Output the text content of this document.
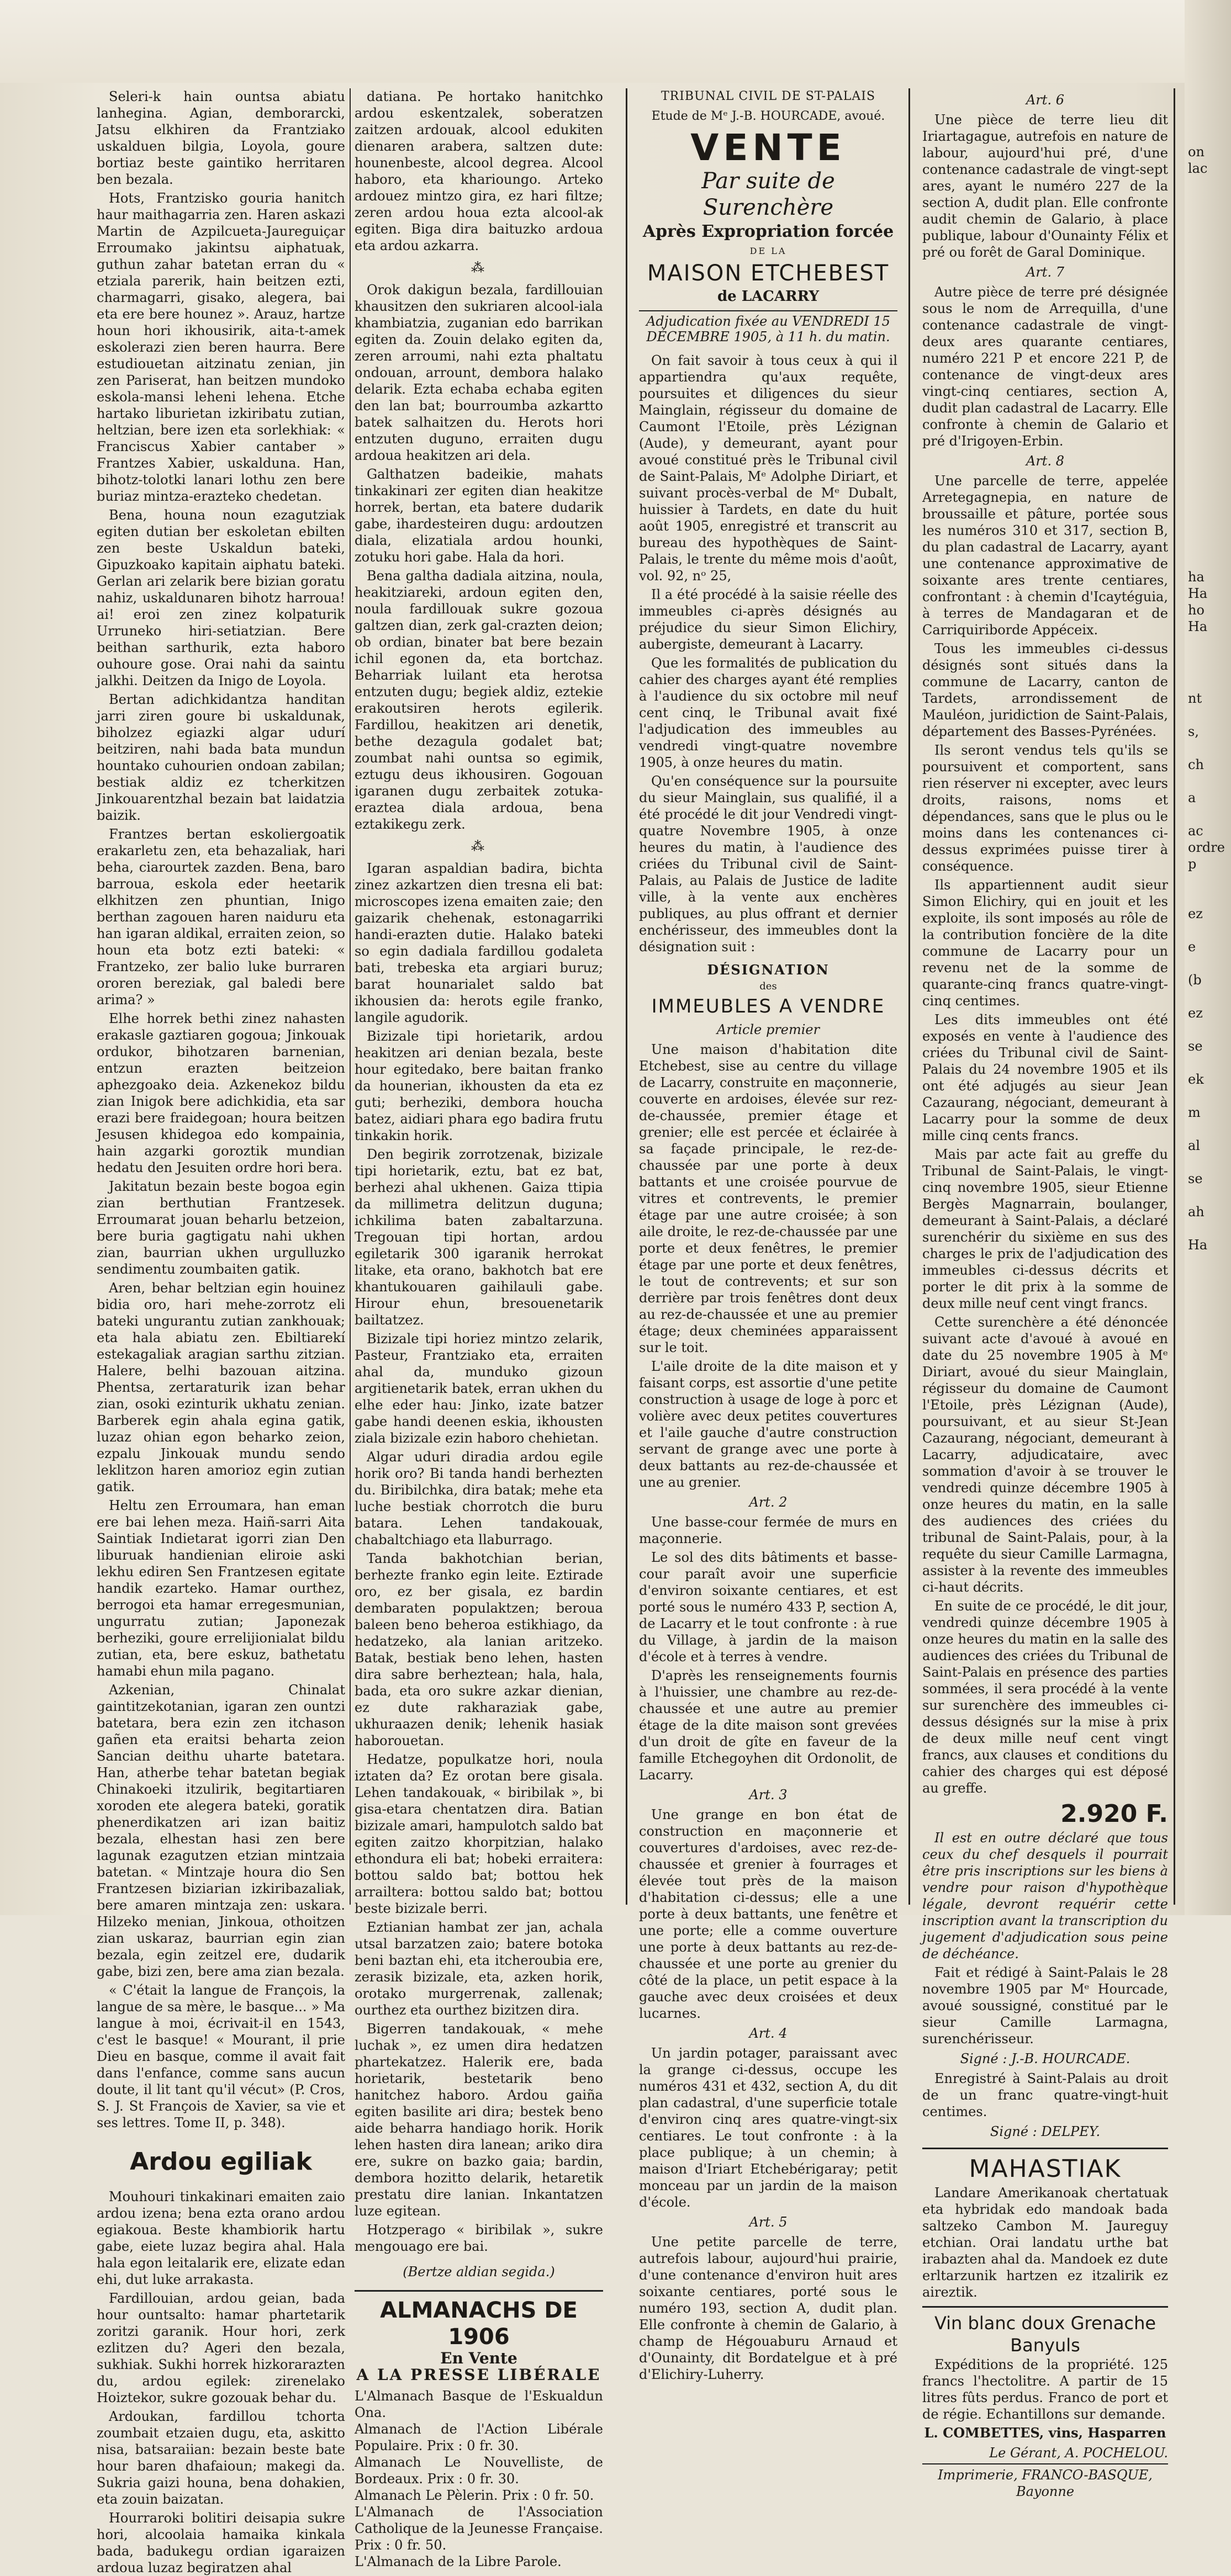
Seleri-k hain ountsa abiatu lanhegina. Agian, demborarcki, Jatsu elkhiren da Frantziako uskalduen bilgia, Loyola, goure bortiaz beste gaintiko herritaren ben bezala.

Hots, Frantzisko gouria hanitch haur maithagarria zen. Haren askazi Martin de Azpilcueta-Jaureguiçar Erroumako jakintsu aiphatuak, guthun zahar batetan erran du « etziala parerik, hain beitzen ezti, charmagarri, gisako, alegera, bai eta ere bere hounez ». Arauz, hartze houn hori ikhousirik, aita-t-amek eskolerazi zien beren haurra. Bere estudiouetan aitzinatu zenian, jin zen Pariserat, han beitzen mundoko eskola-mansi leheni lehena. Etche hartako liburietan izkiribatu zutian, heltzian, bere izen eta sorlekhiak: « Franciscus Xabier cantaber » Frantzes Xabier, uskalduna. Han, bihotz-tolotki lanari lothu zen bere buriaz mintza-erazteko chedetan.

Bena, houna noun ezagutziak egiten dutian ber eskoletan ebilten zen beste Uskaldun bateki, Gipuzkoako kapitain aiphatu bateki. Gerlan ari zelarik bere bizian goratu nahiz, uskaldunaren bihotz harroua! ai! eroi zen zinez kolpaturik Urruneko hiri-setiatzian. Bere beithan sarthurik, ezta haboro ouhoure gose. Orai nahi da saintu jalkhi. Deitzen da Inigo de Loyola.

Bertan adichkidantza handitan jarri ziren goure bi uskaldunak, biholzez egiazki algar udurí beitziren, nahi bada bata mundun hountako cuhourien ondoan zabilan; bestiak aldiz ez tcherkitzen Jinkouarentzhal bezain bat laidatzia baizik.

Frantzes bertan eskoliergoatik erakarletu zen, eta behazaliak, hari beha, ciarourtek zazden. Bena, baro barroua, eskola eder heetarik elkhitzen zen phuntian, Inigo berthan zagouen haren naiduru eta han igaran aldikal, erraiten zeion, so houn eta botz ezti bateki: « Frantzeko, zer balio luke burraren ororen bereziak, gal baledi bere arima? »

Elhe horrek bethi zinez nahasten erakasle gaztiaren gogoua; Jinkouak ordukor, bihotzaren barnenian, entzun erazten beitzeion aphezgoako deia. Azkenekoz bildu zian Inigok bere adichkidia, eta sar erazi bere fraidegoan; houra beitzen Jesusen khidegoa edo kompainia, hain azgarki goroztik mundian hedatu den Jesuiten ordre hori bera.

Jakitatun bezain beste bogoa egin zian berthutian Frantzesek. Erroumarat jouan beharlu betzeion, bere buria gagtigatu nahi ukhen zian, baurrian ukhen urgulluzko sendimentu zoumbaiten gatik.

Aren, behar beltzian egin houinez bidia oro, hari mehe-zorrotz eli bateki ungurantu zutian zankhouak; eta hala abiatu zen. Ebiltiarekí estekagaliak aragian sarthu zitzian. Halere, belhi bazouan aitzina. Phentsa, zertaraturik izan behar zian, osoki ezinturik ukhatu zenian. Barberek egin ahala egina gatik, luzaz ohian egon beharko zeion, ezpalu Jinkouak mundu sendo leklitzon haren amorioz egin zutian gatik.

Heltu zen Erroumara, han eman ere bai lehen meza. Haiñ-sarri Aita Saintiak Indietarat igorri zian Den liburuak handienian eliroie aski lekhu ediren Sen Frantzesen egitate handik ezarteko. Hamar ourthez, berrogoi eta hamar erregesmunian, ungurratu zutian; Japonezak berheziki, goure errelijionialat bildu zutian, eta, bere eskuz, bathetatu hamabi ehun mila pagano.

Azkenian, Chinalat gaintitzekotanian, igaran zen ountzi batetara, bera ezin zen itchason gañen eta eraitsi beharta zeion Sancian deithu uharte batetara. Han, atherbe tehar batetan begiak Chinakoeki itzulirik, begitartiaren xoroden ete alegera bateki, goratik phenerdikatzen ari izan baitiz bezala, elhestan hasi zen bere lagunak ezagutzen etzian mintzaia batetan. « Mintzaje houra dio Sen Frantzesen biziarian izkiribazaliak, bere amaren mintzaja zen: uskara. Hilzeko menian, Jinkoua, othoitzen zian uskaraz, baurrian egin zian bezala, egin zeitzel ere, dudarik gabe, bizi zen, bere ama zian bezala.

« C'était la langue de François, la langue de sa mère, le basque... » Ma langue à moi, écrivait-il en 1543, c'est le basque! « Mourant, il prie Dieu en basque, comme il avait fait dans l'enfance, comme sans aucun doute, il lit tant qu'il vécut» (P. Cros, S. J. St François de Xavier, sa vie et ses lettres. Tome II, p. 348).

Ardou egiliak

Mouhouri tinkakinari emaiten zaio ardou izena; bena ezta orano ardou egiakoua. Beste khambiorik hartu gabe, eiete luzaz begira ahal. Hala hala egon leitalarik ere, elizate edan ehi, dut luke arrakasta.

Fardillouian, ardou geian, bada hour ountsalto: hamar phartetarik zoritzi garanik. Hour hori, zerk ezlitzen du? Ageri den bezala, sukhiak. Sukhi horrek hizkorarazten du, ardou egilek: zirenelako Hoiztekor, sukre gozouak behar du.

Ardoukan, fardillou tchorta zoumbait etzaien dugu, eta, askitto nisa, batsaraiian: bezain beste bate hour baren dhafaioun; makegi da. Sukria gaizi houna, bena dohakien, eta zouin baizatan.

Hourraroki bolitiri deisapia sukre hori, alcoolaia hamaika kinkala bada, badukegu ordian igaraizen ardoua luzaz begiratzen ahal

datiana. Pe hortako hanitchko ardou eskentzalek, soberatzen zaitzen ardouak, alcool edukiten dienaren arabera, saltzen dute: hounenbeste, alcool degrea. Alcool haboro, eta kharioungo. Arteko ardouez mintzo gira, ez hari filtze; zeren ardou houa ezta alcool-ak egiten. Biga dira baituzko ardoua eta ardou azkarra.

⁂

Orok dakigun bezala, fardillouian khausitzen den sukriaren alcool-iala khambiatzia, zuganian edo barrikan egiten da. Zouin delako egiten da, zeren arroumi, nahi ezta phaltatu ondouan, arrount, dembora halako delarik. Ezta echaba echaba egiten den lan bat; bourroumba azkartto batek salhaitzen du. Herots hori entzuten duguno, erraiten dugu ardoua heakitzen ari dela.

Galthatzen badeikie, mahats tinkakinari zer egiten dian heakitze horrek, bertan, eta batere dudarik gabe, ihardesteiren dugu: ardoutzen diala, elizatiala ardou hounki, zotuku hori gabe. Hala da hori.

Bena galtha dadiala aitzina, noula, heakitziareki, ardoun egiten den, noula fardillouak sukre gozoua galtzen dian, zerk gal-crazten deion; ob ordian, binater bat bere bezain ichil egonen da, eta bortchaz. Beharriak luilant eta herotsa entzuten dugu; begiek aldiz, eztekie erakoutsiren herots egilerik. Fardillou, heakitzen ari denetik, bethe dezagula godalet bat; zoumbat nahi ountsa so egimik, eztugu deus ikhousiren. Gogouan igaranen dugu zerbaitek zotuka-eraztea diala ardoua, bena eztakikegu zerk.

⁂

Igaran aspaldian badira, bichta zinez azkartzen dien tresna eli bat: microscopes izena emaiten zaie; den gaizarik chehenak, estonagarriki handi-erazten dutie. Halako bateki so egin dadiala fardillou godaleta bati, trebeska eta argiari buruz; barat hounarialet saldo bat ikhousien da: herots egile franko, langile agudorik.

Bizizale tipi horietarik, ardou heakitzen ari denian bezala, beste hour egitedako, bere baitan franko da hounerian, ikhousten da eta ez guti; berheziki, dembora houcha batez, aidiari phara ego badira frutu tinkakin horik.

Den begirik zorrotzenak, bizizale tipi horietarik, eztu, bat ez bat, berhezi ahal ukhenen. Gaiza ttipia da millimetra delitzun duguna; ichkilima baten zabaltarzuna. Tregouan tipi hortan, ardou egiletarik 300 igaranik herrokat litake, eta orano, bakhotch bat ere khantukouaren gaihilauli gabe. Hirour ehun, bresouenetarik bailtatzez.

Bizizale tipi horiez mintzo zelarik, Pasteur, Frantziako eta, erraiten ahal da, munduko gizoun argitienetarik batek, erran ukhen du elhe eder hau: Jinko, izate batzer gabe handi deenen eskia, ikhousten ziala bizizale ezin haboro chehietan.

Algar uduri diradia ardou egile horik oro? Bi tanda handi berhezten du. Biribilchka, dira batak; mehe eta luche bestiak chorrotch die buru batara. Lehen tandakouak, chabaltchiago eta llaburrago.

Tanda bakhotchian berian, berhezte franko egin leite. Eztirade oro, ez ber gisala, ez bardin dembaraten populaktzen; beroua baleen beno beheroa estikhiago, da hedatzeko, ala lanian aritzeko. Batak, bestiak beno lehen, hasten dira sabre berheztean; hala, hala, bada, eta oro sukre azkar dienian, ez dute rakharaziak gabe, ukhuraazen denik; lehenik hasiak haborouetan.

Hedatze, populkatze hori, noula iztaten da? Ez orotan bere gisala. Lehen tandakouak, « biribilak », bi gisa-etara chentatzen dira. Batian bizizale amari, hampulotch saldo bat egiten zaitzo khorpitzian, halako ethondura eli bat; hobeki erraitera: bottou saldo bat; bottou hek arrailtera: bottou saldo bat; bottou beste bizizale berri.

Eztianian hambat zer jan, achala utsal barzatzen zaio; batere botoka beni baztan ehi, eta itcheroubia ere, zerasik bizizale, eta, azken horik, orotako murgerrenak, zallenak; ourthez eta ourthez bizitzen dira.

Bigerren tandakouak, « mehe luchak », ez umen dira hedatzen phartekatzez. Halerik ere, bada horietarik, bestetarik beno hanitchez haboro. Ardou gaiña egiten basilite ari dira; bestek beno aide beharra handiago horik. Horik lehen hasten dira lanean; ariko dira ere, sukre on bazko gaia; bardin, dembora hozitto delarik, hetaretik prestatu dire lanian. Inkantatzen luze egitean.

Hotzperago « biribilak », sukre mengouago ere bai.

(Bertze aldian segida.)
ALMANACHS DE 1906
En Vente
A LA PRESSE LIBÉRALE

L'Almanach Basque de l'Eskualdun Ona.

Almanach de l'Action Libérale Populaire. Prix : 0 fr. 30.

Almanach Le Nouvelliste, de Bordeaux. Prix : 0 fr. 30.

Almanach Le Pèlerin. Prix : 0 fr. 50.

L'Almanach de l'Association Catholique de la Jeunesse Française. Prix : 0 fr. 50.

L'Almanach de la Libre Parole.

TRIBUNAL CIVIL DE ST-PALAIS
Etude de Mᵉ J.-B. HOURCADE, avoué.
VENTE
Par suite de Surenchère
Après Expropriation forcée
DE LA
MAISON ETCHEBEST
de LACARRY
Adjudication fixée au VENDREDI 15 DÉCEMBRE 1905, à 11 h. du matin.

On fait savoir à tous ceux à qui il appartiendra qu'aux requête, poursuites et diligences du sieur Mainglain, régisseur du domaine de Caumont l'Etoile, près Lézignan (Aude), y demeurant, ayant pour avoué constitué près le Tribunal civil de Saint-Palais, Mᵉ Adolphe Diriart, et suivant procès-verbal de Mᵉ Dubalt, huissier à Tardets, en date du huit août 1905, enregistré et transcrit au bureau des hypothèques de Saint-Palais, le trente du même mois d'août, vol. 92, nᵒ 25,

Il a été procédé à la saisie réelle des immeubles ci-après désignés au préjudice du sieur Simon Elichiry, aubergiste, demeurant à Lacarry.

Que les formalités de publication du cahier des charges ayant été remplies à l'audience du six octobre mil neuf cent cinq, le Tribunal avait fixé l'adjudication des immeubles au vendredi vingt-quatre novembre 1905, à onze heures du matin.

Qu'en conséquence sur la poursuite du sieur Mainglain, sus qualifié, il a été procédé le dit jour Vendredi vingt-quatre Novembre 1905, à onze heures du matin, à l'audience des criées du Tribunal civil de Saint-Palais, au Palais de Justice de ladite ville, à la vente aux enchères publiques, au plus offrant et dernier enchérisseur, des immeubles dont la désignation suit :

DÉSIGNATION
des
IMMEUBLES A VENDRE
Article premier

Une maison d'habitation dite Etchebest, sise au centre du village de Lacarry, construite en maçonnerie, couverte en ardoises, élevée sur rez-de-chaussée, premier étage et grenier; elle est percée et éclairée à sa façade principale, le rez-de-chaussée par une porte à deux battants et une croisée pourvue de vitres et contrevents, le premier étage par une autre croisée; à son aile droite, le rez-de-chaussée par une porte et deux fenêtres, le premier étage par une porte et deux fenêtres, le tout de contrevents; et sur son derrière par trois fenêtres dont deux au rez-de-chaussée et une au premier étage; deux cheminées apparaissent sur le toit.

L'aile droite de la dite maison et y faisant corps, est assortie d'une petite construction à usage de loge à porc et volière avec deux petites couvertures et l'aile gauche d'autre construction servant de grange avec une porte à deux battants au rez-de-chaussée et une au grenier.

Art. 2

Une basse-cour fermée de murs en maçonnerie.

Le sol des dits bâtiments et basse-cour paraît avoir une superficie d'environ soixante centiares, et est porté sous le numéro 433 P, section A, de Lacarry et le tout confronte : à rue du Village, à jardin de la maison d'école et à terres à vendre.

D'après les renseignements fournis à l'huissier, une chambre au rez-de-chaussée et une autre au premier étage de la dite maison sont grevées d'un droit de gîte en faveur de la famille Etchegoyhen dit Ordonolit, de Lacarry.

Art. 3

Une grange en bon état de construction en maçonnerie et couvertures d'ardoises, avec rez-de-chaussée et grenier à fourrages et élevée tout près de la maison d'habitation ci-dessus; elle a une porte à deux battants, une fenêtre et une porte; elle a comme ouverture une porte à deux battants au rez-de-chaussée et une porte au grenier du côté de la place, un petit espace à la gauche avec deux croisées et deux lucarnes.

Art. 4

Un jardin potager, paraissant avec la grange ci-dessus, occupe les numéros 431 et 432, section A, du dit plan cadastral, d'une superficie totale d'environ cinq ares quatre-vingt-six centiares. Le tout confronte : à la place publique; à un chemin; à maison d'Iriart Etchebérigaray; petit monceau par un jardin de la maison d'école.

Art. 5

Une petite parcelle de terre, autrefois labour, aujourd'hui prairie, d'une contenance d'environ huit ares soixante centiares, porté sous le numéro 193, section A, dudit plan. Elle confronte à chemin de Galario, à champ de Hégouaburu Arnaud et d'Ounainty, dit Bordatelgue et à pré d'Elichiry-Luherry.

Art. 6

Une pièce de terre lieu dit Iriartagague, autrefois en nature de labour, aujourd'hui pré, d'une contenance cadastrale de vingt-sept ares, ayant le numéro 227 de la section A, dudit plan. Elle confronte audit chemin de Galario, à place publique, labour d'Ounainty Félix et pré ou forêt de Garal Dominique.

Art. 7

Autre pièce de terre pré désignée sous le nom de Arrequilla, d'une contenance cadastrale de vingt-deux ares quarante centiares, numéro 221 P et encore 221 P, de contenance de vingt-deux ares vingt-cinq centiares, section A, dudit plan cadastral de Lacarry. Elle confronte à chemin de Galario et pré d'Irigoyen-Erbin.

Art. 8

Une parcelle de terre, appelée Arretegagnepia, en nature de broussaille et pâture, portée sous les numéros 310 et 317, section B, du plan cadastral de Lacarry, ayant une contenance approximative de soixante ares trente centiares, confrontant : à chemin d'Icaytéguia, à terres de Mandagaran et de Carriquiriborde Appéceix.

Tous les immeubles ci-dessus désignés sont situés dans la commune de Lacarry, canton de Tardets, arrondissement de Mauléon, juridiction de Saint-Palais, département des Basses-Pyrénées.

Ils seront vendus tels qu'ils se poursuivent et comportent, sans rien réserver ni excepter, avec leurs droits, raisons, noms et dépendances, sans que le plus ou le moins dans les contenances ci-dessus exprimées puisse tirer à conséquence.

Ils appartiennent audit sieur Simon Elichiry, qui en jouit et les exploite, ils sont imposés au rôle de la contribution foncière de la dite commune de Lacarry pour un revenu net de la somme de quarante-cinq francs quatre-vingt-cinq centimes.

Les dits immeubles ont été exposés en vente à l'audience des criées du Tribunal civil de Saint-Palais du 24 novembre 1905 et ils ont été adjugés au sieur Jean Cazaurang, négociant, demeurant à Lacarry pour la somme de deux mille cinq cents francs.

Mais par acte fait au greffe du Tribunal de Saint-Palais, le vingt-cinq novembre 1905, sieur Etienne Bergès Magnarrain, boulanger, demeurant à Saint-Palais, a déclaré surenchérir du sixième en sus des charges le prix de l'adjudication des immeubles ci-dessus décrits et porter le dit prix à la somme de deux mille neuf cent vingt francs.

Cette surenchère a été dénoncée suivant acte d'avoué à avoué en date du 25 novembre 1905 à Mᵉ Diriart, avoué du sieur Mainglain, régisseur du domaine de Caumont l'Etoile, près Lézignan (Aude), poursuivant, et au sieur St-Jean Cazaurang, négociant, demeurant à Lacarry, adjudicataire, avec sommation d'avoir à se trouver le vendredi quinze décembre 1905 à onze heures du matin, en la salle des audiences des criées du tribunal de Saint-Palais, pour, à la requête du sieur Camille Larmagna, assister à la revente des immeubles ci-haut décrits.

En suite de ce procédé, le dit jour, vendredi quinze décembre 1905 à onze heures du matin en la salle des audiences des criées du Tribunal de Saint-Palais en présence des parties sommées, il sera procédé à la vente sur surenchère des immeubles ci-dessus désignés sur la mise à prix de deux mille neuf cent vingt francs, aux clauses et conditions du cahier des charges qui est déposé au greffe.

2.920 F.

Il est en outre déclaré que tous ceux du chef desquels il pourrait être pris inscriptions sur les biens à vendre pour raison d'hypothèque légale, devront requérir cette inscription avant la transcription du jugement d'adjudication sous peine de déchéance.

Fait et rédigé à Saint-Palais le 28 novembre 1905 par Mᵉ Hourcade, avoué soussigné, constitué par le sieur Camille Larmagna, surenchérisseur.

Signé : J.-B. HOURCADE.

Enregistré à Saint-Palais au droit de un franc quatre-vingt-huit centimes.

Signé : DELPEY.
MAHASTIAK

Landare Amerikanoak chertatuak eta hybridak edo mandoak bada saltzeko Cambon M. Jaureguy etchian. Orai landatu urthe bat irabazten ahal da. Mandoek ez dute erltarzunik hartzen ez itzalirik ez aireztik.

Vin blanc doux Grenache Banyuls

Expéditions de la propriété. 125 francs l'hectolitre. A partir de 15 litres fûts perdus. Franco de port et de régie. Echantillons sur demande.

L. COMBETTES, vins, Hasparren
Le Gérant, A. POCHELOU.
Imprimerie, FRANCO-BASQUE, Bayonne
on
lac
ha
Ha
ho
Ha
nt
s,
ch
a
ac
p
ez
e
(b
ez
se
ek
m
al
se
ordre
ah
Ha
